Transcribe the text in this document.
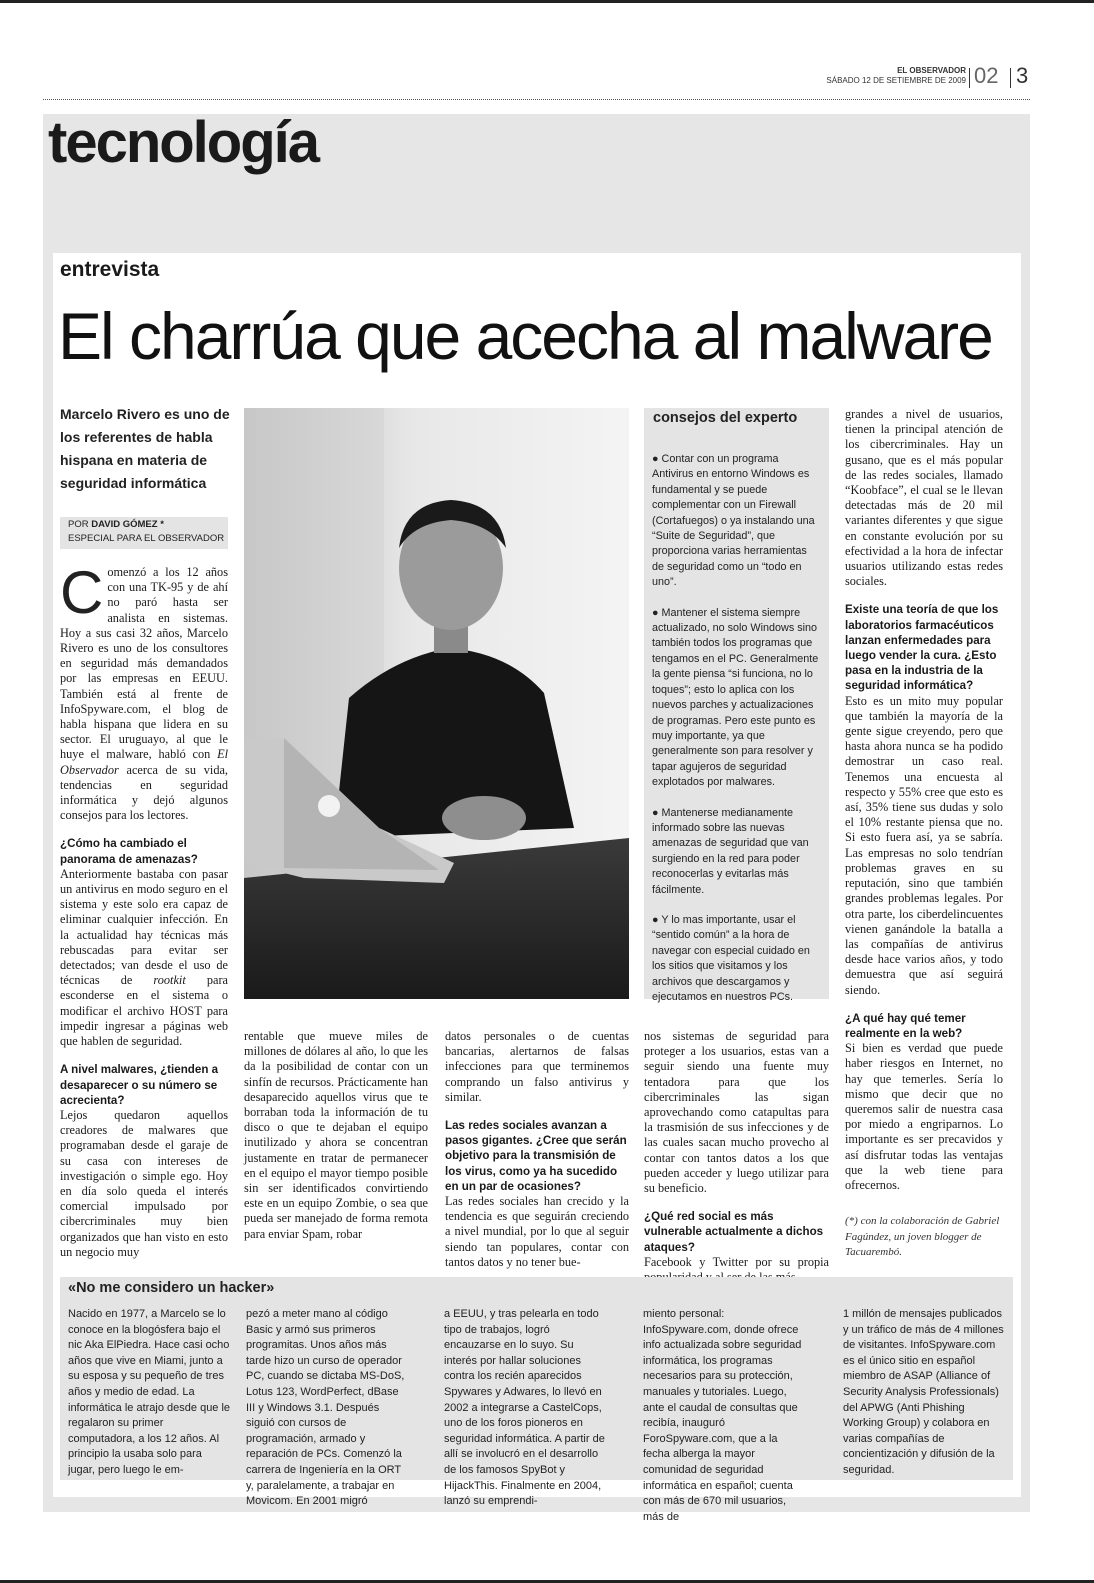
EL OBSERVADOR
SÁBADO 12 DE SETIEMBRE DE 2009 02 3
tecnología
entrevista
El charrúa que acecha al malware
Marcelo Rivero es uno de los referentes de habla hispana en materia de seguridad informática
POR DAVID GÓMEZ *
ESPECIAL PARA EL OBSERVADOR

Comenzó a los 12 años con una TK-95 y de ahí no paró hasta ser analista en sistemas. Hoy a sus casi 32 años, Marcelo Rivero es uno de los consultores en seguridad más demandados por las empresas en EEUU. También está al frente de InfoSpyware.com, el blog de habla hispana que lidera en su sector. El uruguayo, al que le huye el malware, habló con El Observador acerca de su vida, tendencias en seguridad informática y dejó algunos consejos para los lectores.

¿Cómo ha cambiado el panorama de amenazas?

Anteriormente bastaba con pasar un antivirus en modo seguro en el sistema y este solo era capaz de eliminar cualquier infección. En la actualidad hay técnicas más rebuscadas para evitar ser detectados; van desde el uso de técnicas de rootkit para esconderse en el sistema o modificar el archivo HOST para impedir ingresar a páginas web que hablen de seguridad.

A nivel malwares, ¿tienden a desaparecer o su número se acrecienta?

Lejos quedaron aquellos creadores de malwares que programaban desde el garaje de su casa con intereses de investigación o simple ego. Hoy en día solo queda el interés comercial impulsado por cibercriminales muy bien organizados que han visto en esto un negocio muy

consejos del experto

● Contar con un programa Antivirus en entorno Windows es fundamental y se puede complementar con un Firewall (Cortafuegos) o ya instalando una “Suite de Seguridad”, que proporciona varias herramientas de seguridad como un “todo en uno”.

● Mantener el sistema siempre actualizado, no solo Windows sino también todos los programas que tengamos en el PC. Generalmente la gente piensa “si funciona, no lo toques”; esto lo aplica con los nuevos parches y actualizaciones de programas. Pero este punto es muy importante, ya que generalmente son para resolver y tapar agujeros de seguridad explotados por malwares.

● Mantenerse medianamente informado sobre las nuevas amenazas de seguridad que van surgiendo en la red para poder reconocerlas y evitarlas más fácilmente.

● Y lo mas importante, usar el “sentido común” a la hora de navegar con especial cuidado en los sitios que visitamos y los archivos que descargamos y ejecutamos en nuestros PCs.

rentable que mueve miles de millones de dólares al año, lo que les da la posibilidad de contar con un sinfín de recursos. Prácticamente han desaparecido aquellos virus que te borraban toda la información de tu disco o que te dejaban el equipo inutilizado y ahora se concentran justamente en tratar de permanecer en el equipo el mayor tiempo posible sin ser identificados convirtiendo este en un equipo Zombie, o sea que pueda ser manejado de forma remota para enviar Spam, robar

datos personales o de cuentas bancarias, alertarnos de falsas infecciones para que terminemos comprando un falso antivirus y similar.

Las redes sociales avanzan a pasos gigantes. ¿Cree que serán objetivo para la transmisión de los virus, como ya ha sucedido en un par de ocasiones?

Las redes sociales han crecido y la tendencia es que seguirán creciendo a nivel mundial, por lo que al seguir siendo tan populares, contar con tantos datos y no tener bue-

nos sistemas de seguridad para proteger a los usuarios, estas van a seguir siendo una fuente muy tentadora para que los cibercriminales las sigan aprovechando como catapultas para la trasmisión de sus infecciones y de las cuales sacan mucho provecho al contar con tantos datos a los que pueden acceder y luego utilizar para su beneficio.

¿Qué red social es más vulnerable actualmente a dichos ataques?

Facebook y Twitter por su propia

grandes a nivel de usuarios, tienen la principal atención de los cibercriminales. Hay un gusano, que es el más popular de las redes sociales, llamado “Koobface”, el cual se le llevan detectadas más de 20 mil variantes diferentes y que sigue en constante evolución por su efectividad a la hora de infectar usuarios utilizando estas redes sociales.

Existe una teoría de que los laboratorios farmacéuticos lanzan enfermedades para luego vender la cura. ¿Esto pasa en la industria de la seguridad informática?

Esto es un mito muy popular que también la mayoría de la gente sigue creyendo, pero que hasta ahora nunca se ha podido demostrar un caso real. Tenemos una encuesta al respecto y 55% cree que esto es así, 35% tiene sus dudas y solo el 10% restante piensa que no. Si esto fuera así, ya se sabría. Las empresas no solo tendrían problemas graves en su reputación, sino que también grandes problemas legales. Por otra parte, los ciberdelincuentes vienen ganándole la batalla a las compañías de antivirus desde hace varios años, y todo demuestra que así seguirá siendo.

¿A qué hay qué temer realmente en la web?

Si bien es verdad que puede haber riesgos en Internet, no hay que temerles. Sería lo mismo que decir que no queremos salir de nuestra casa por miedo a engriparnos. Lo importante es ser precavidos y así disfrutar todas las ventajas que la web tiene para ofrecernos.

(*) con la colaboración de Gabriel Fagúndez, un joven blogger de Tacuarembó.
«No me considero un hacker»
Nacido en 1977, a Marcelo se lo conoce en la blogósfera bajo el nic Aka ElPiedra. Hace casi ocho años que vive en Miami, junto a su esposa y su pequeño de tres años y medio de edad. La informática le atrajo desde que le regalaron su primer computadora, a los 12 años. Al principio la usaba solo para jugar, pero luego le em-
pezó a meter mano al código Basic y armó sus primeros programitas. Unos años más tarde hizo un curso de operador PC, cuando se dictaba MS-DoS, Lotus 123, WordPerfect, dBase III y Windows 3.1. Después siguió con cursos de programación, armado y reparación de PCs. Comenzó la carrera de Ingeniería en la ORT y, paralelamente, a trabajar en Movicom. En 2001 migró
a EEUU, y tras pelearla en todo tipo de trabajos, logró encauzarse en lo suyo. Su interés por hallar soluciones contra los recién aparecidos Spywares y Adwares, lo llevó en 2002 a integrarse a CastelCops, uno de los foros pioneros en seguridad informática. A partir de allí se involucró en el desarrollo de los famosos SpyBot y HijackThis. Finalmente en 2004, lanzó su emprendi-
miento personal: InfoSpyware.com, donde ofrece info actualizada sobre seguridad informática, los programas necesarios para su protección, manuales y tutoriales. Luego, ante el caudal de consultas que recibía, inauguró ForoSpyware.com, que a la fecha alberga la mayor comunidad de seguridad informática en español; cuenta con más de 670 mil usuarios, más de
1 millón de mensajes publicados y un tráfico de más de 4 millones de visitantes. InfoSpyware.com es el único sitio en español miembro de ASAP (Alliance of Security Analysis Professionals) del APWG (Anti Phishing Working Group) y colabora en varias compañías de concientización y difusión de la seguridad.
